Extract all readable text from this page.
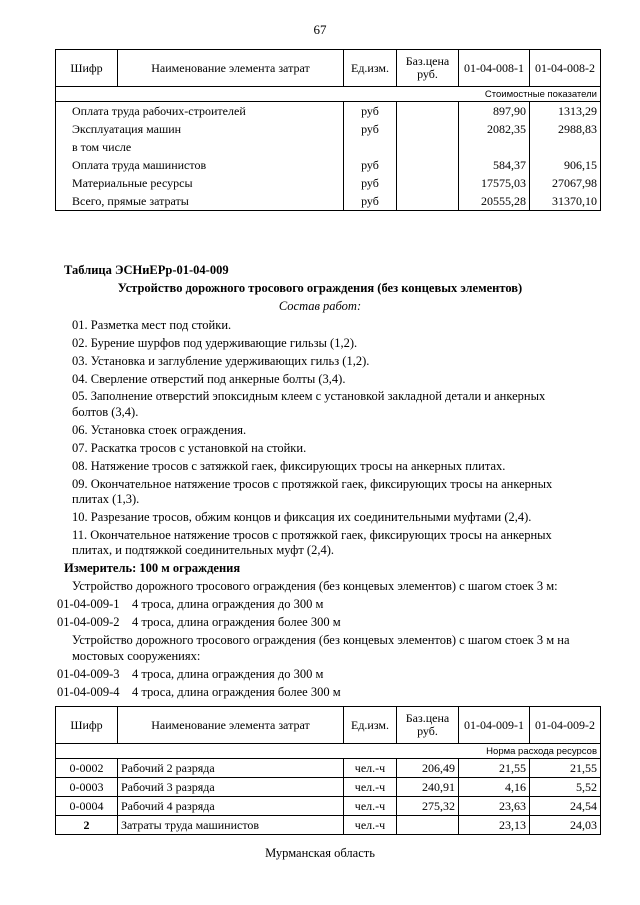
67
Шифр	Наименование элемента затрат	Ед.изм.	Баз.цена руб.	01-04-008-1	01-04-008-2
Стоимостные показатели					
Оплата труда рабочих-строителей		руб		897,90	1313,29
Эксплуатация машин		руб		2082,35	2988,83
в том числе					
Оплата труда машинистов		руб		584,37	906,15
Материальные ресурсы		руб		17575,03	27067,98
Всего, прямые затраты		руб		20555,28	31370,10
Таблица ЭСНиЕРр-01-04-009
Устройство дорожного тросового ограждения (без концевых элементов)
Состав работ:
01. Разметка мест под стойки.
02. Бурение шурфов под удерживающие гильзы (1,2).
03. Установка и заглубление удерживающих гильз (1,2).
04. Сверление отверстий под анкерные болты (3,4).
05. Заполнение отверстий эпоксидным клеем с установкой закладной детали и анкерных
болтов (3,4).
06. Установка стоек ограждения.
07. Раскатка тросов с установкой на стойки.
08. Натяжение тросов с затяжкой гаек, фиксирующих тросы на анкерных плитах.
09. Окончательное натяжение тросов с протяжкой гаек, фиксирующих тросы на анкерных
плитах (1,3).
10. Разрезание тросов, обжим концов и фиксация их соединительными муфтами (2,4).
11. Окончательное натяжение тросов с протяжкой гаек, фиксирующих тросы на анкерных
плитах, и подтяжкой соединительных муфт (2,4).
Измеритель: 100 м ограждения
Устройство дорожного тросового ограждения (без концевых элементов) с шагом стоек 3 м:
01-04-009-1 4 троса, длина ограждения до 300 м
01-04-009-2 4 троса, длина ограждения более 300 м
Устройство дорожного тросового ограждения (без концевых элементов) с шагом стоек 3 м на
мостовых сооружениях:
01-04-009-3 4 троса, длина ограждения до 300 м
01-04-009-4 4 троса, длина ограждения более 300 м
Шифр	Наименование элемента затрат	Ед.изм.	Баз.цена руб.	01-04-009-1	01-04-009-2
Норма расхода ресурсов					
0-0002	Рабочий 2 разряда	чел.-ч	206,49	21,55	21,55
0-0003	Рабочий 3 разряда	чел.-ч	240,91	4,16	5,52
0-0004	Рабочий 4 разряда	чел.-ч	275,32	23,63	24,54
2	Затраты труда машинистов	чел.-ч		23,13	24,03
Мурманская область
